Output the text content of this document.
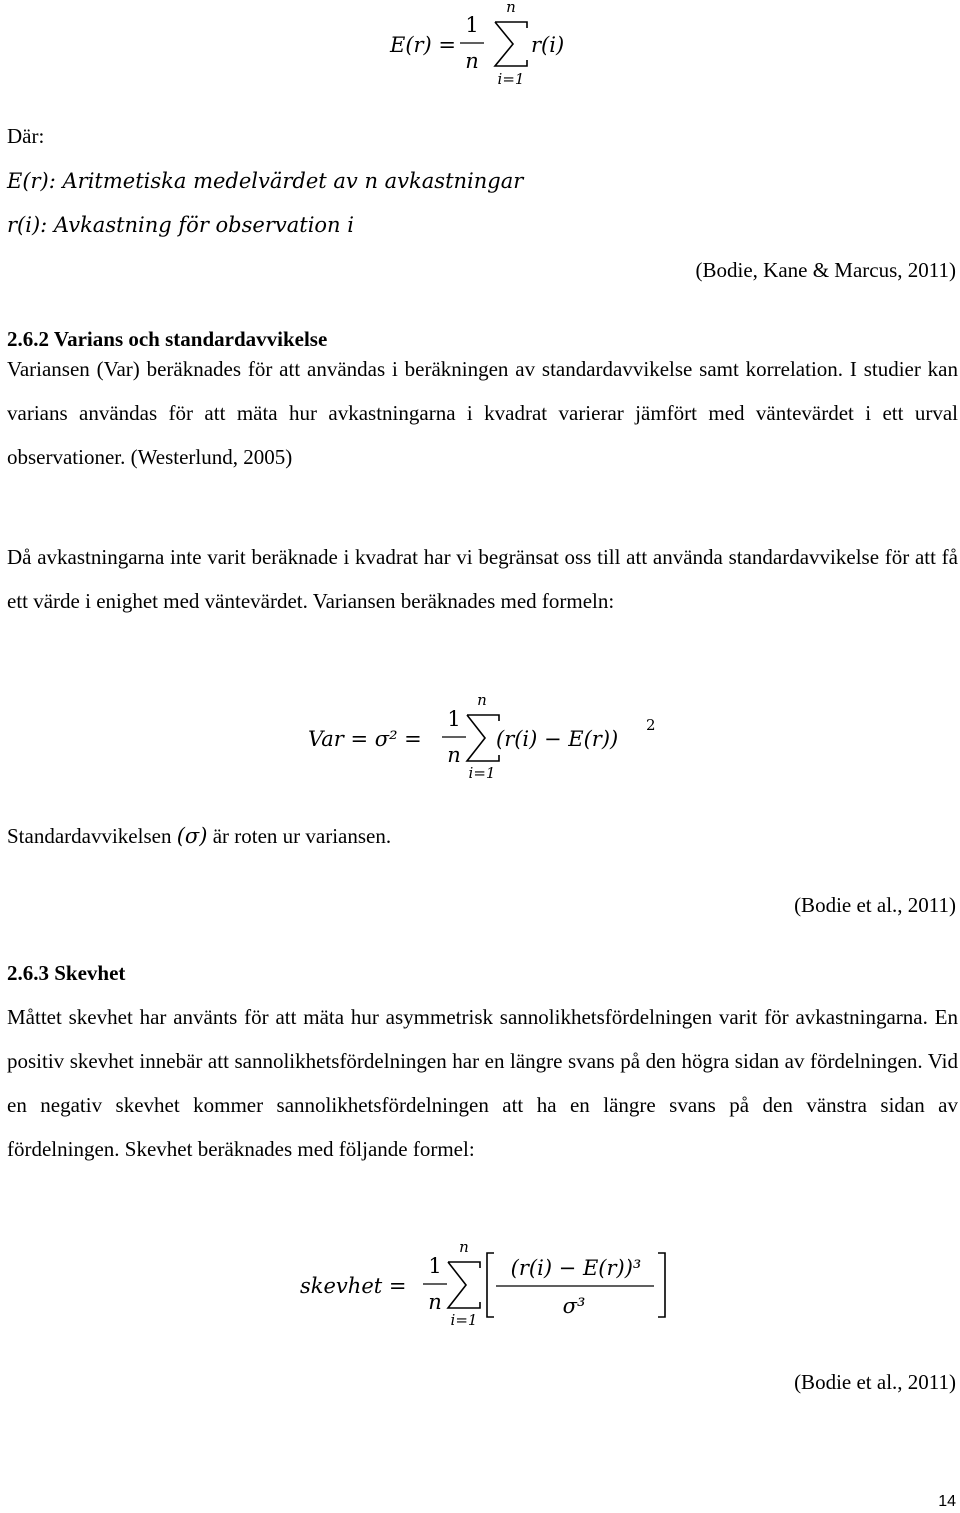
E(r) =
1
n
n
i=1
r(i)
Där:
E(r): Aritmetiska medelvärdet av n avkastningar
r(i): Avkastning för observation i
(Bodie, Kane & Marcus, 2011)
2.6.2 Varians och standardavvikelse

Variansen (Var) beräknades för att användas i beräkningen av standardavvikelse samt korrelation. I studier kan varians användas för att mäta hur avkastningarna i kvadrat varierar jämfört med väntevärdet i ett urval observationer. (Westerlund, 2005)

Då avkastningarna inte varit beräknade i kvadrat har vi begränsat oss till att använda standardavvikelse för att få ett värde i enighet med väntevärdet. Variansen beräknades med formeln:

Var = σ² =
1
n
n
i=1
(r(i) − E(r))
2
Standardavvikelsen (σ) är roten ur variansen.
(Bodie et al., 2011)
2.6.3 Skevhet

Måttet skevhet har använts för att mäta hur asymmetrisk sannolikhetsfördelningen varit för avkastningarna. En positiv skevhet innebär att sannolikhetsfördelningen har en längre svans på den högra sidan av fördelningen. Vid en negativ skevhet kommer sannolikhetsfördelningen att ha en längre svans på den vänstra sidan av fördelningen. Skevhet beräknades med följande formel:

skevhet =
1
n
n
i=1
(r(i) − E(r))³
σ³
(Bodie et al., 2011)
14
